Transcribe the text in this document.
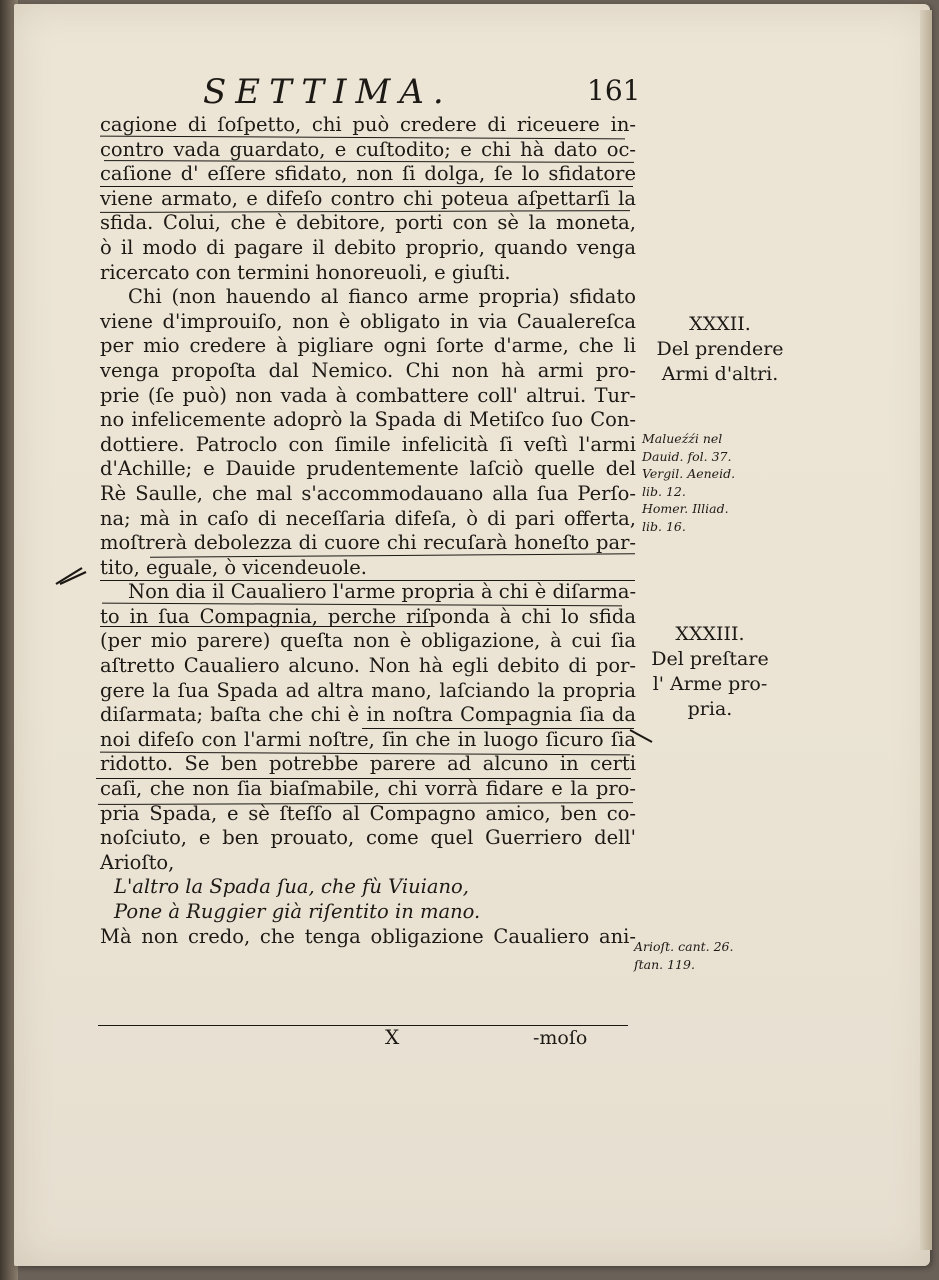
SETTIMA.	161
cagione di ſoſpetto, chi può credere di riceuere in-
contro vada guardato, e cuſtodito; e chi hà dato oc-
caſione d' eſſere sfidato, non ſi dolga, ſe lo sfidatore
viene armato, e difeſo contro chi poteua aſpettarſi la
sfida. Colui, che è debitore, porti con sè la moneta,
ò il modo di pagare il debito proprio, quando venga
ricercato con termini honoreuoli, e giuſti.
Chi (non hauendo al fianco arme propria) sfidato
viene d'improuiſo, non è obligato in via Caualereſca
per mio credere à pigliare ogni ſorte d'arme, che li
venga propoſta dal Nemico. Chi non hà armi pro-
prie (ſe può) non vada à combattere coll' altrui. Tur-
no infelicemente adoprò la Spada di Metiſco ſuo Con-
dottiere. Patroclo con ſimile infelicità ſi veſtì l'armi
d'Achille; e Dauide prudentemente laſciò quelle del
Rè Saulle, che mal s'accommodauano alla ſua Perſo-
na; mà in caſo di neceſſaria difeſa, ò di pari offerta,
moſtrerà debolezza di cuore chi recuſarà honeſto par-
tito, eguale, ò vicendeuole.
Non dia il Caualiero l'arme propria à chi è diſarma-
to in ſua Compagnia, perche riſponda à chi lo sfida
(per mio parere) queſta non è obligazione, à cui ſia
aſtretto Caualiero alcuno. Non hà egli debito di por-
gere la ſua Spada ad altra mano, laſciando la propria
diſarmata; baſta che chi è in noſtra Compagnia ſia da
noi difeſo con l'armi noſtre, ſin che in luogo ſicuro ſia
ridotto. Se ben potrebbe parere ad alcuno in certi
caſi, che non ſia biaſmabile, chi vorrà fidare e la pro-
pria Spada, e sè ſteſſo al Compagno amico, ben co-
noſciuto, e ben prouato, come quel Guerriero dell'
Arioſto,
L'altro la Spada ſua, che fù Viuiano,
Pone à Ruggier già riſentito in mano.
Mà non credo, che tenga obligazione Caualiero ani-
XXXII.
Del prendere
Armi d'altri.
XXXIII.
Del preſtare
l' Arme pro-
pria.
Malueźźi nel
Dauid. fol. 37.
Vergil. Aeneid.
lib. 12.
Homer. Illiad.
lib. 16.
Arioſt. cant. 26.
ſtan. 119.
X	-moſo
